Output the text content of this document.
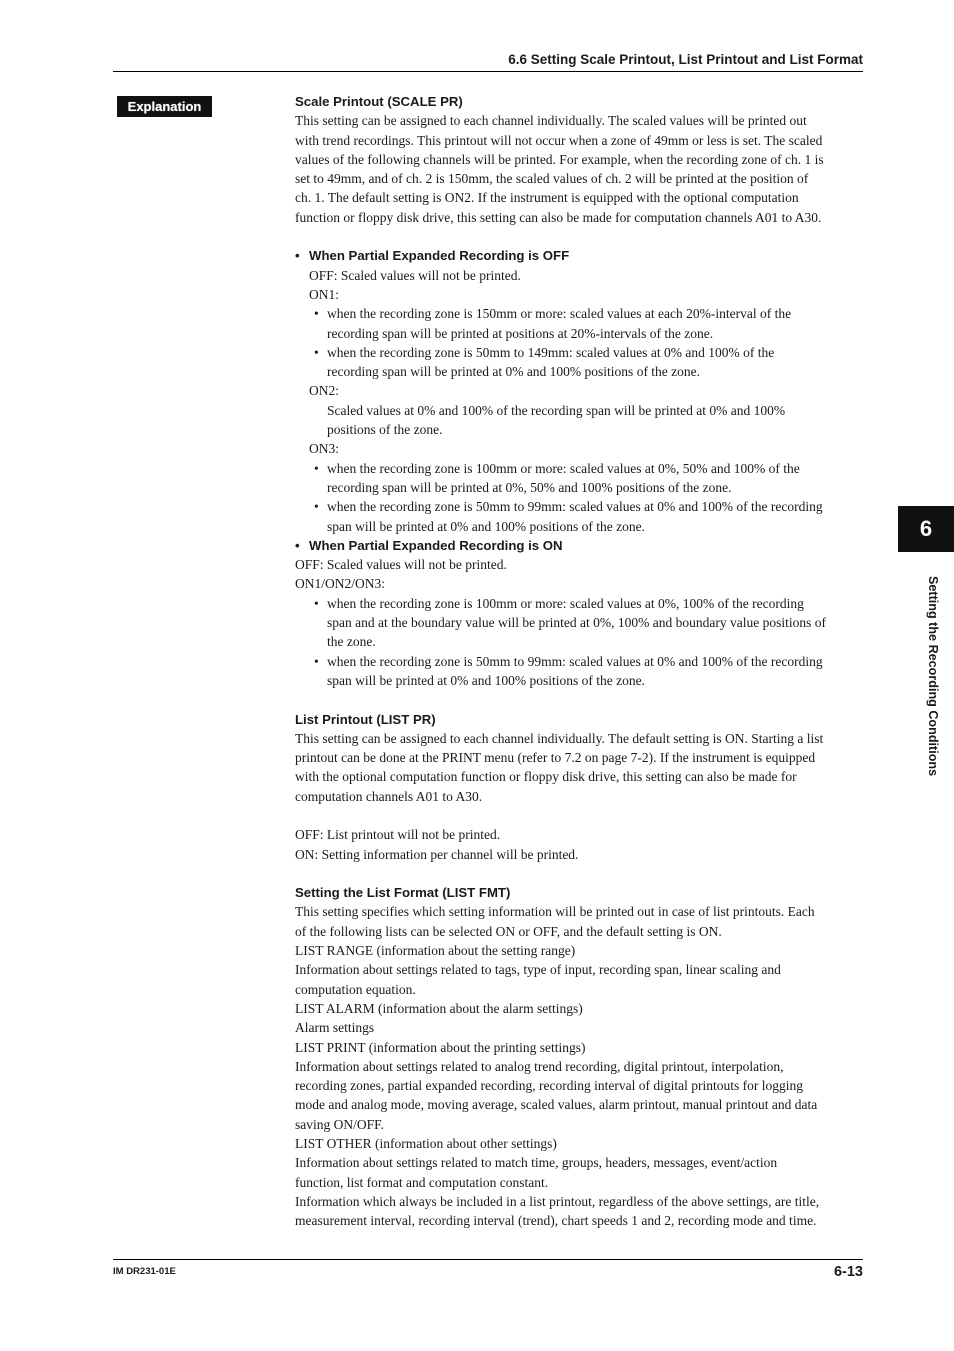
6.6 Setting Scale Printout, List Printout and List Format
Explanation	Scale Printout (SCALE PR)

This setting can be assigned to each channel individually. The scaled values will be printed out

with trend recordings. This printout will not occur when a zone of 49mm or less is set. The scaled

values of the following channels will be printed. For example, when the recording zone of ch. 1 is

set to 49mm, and of ch. 2 is 150mm, the scaled values of ch. 2 will be printed at the position of

ch. 1. The default setting is ON2. If the instrument is equipped with the optional computation

function or floppy disk drive, this setting can also be made for computation channels A01 to A30.

• When Partial Expanded Recording is OFF

OFF: Scaled values will not be printed.

ON1:

• when the recording zone is 150mm or more: scaled values at each 20%-interval of the

recording span will be printed at positions at 20%-intervals of the zone.

• when the recording zone is 50mm to 149mm: scaled values at 0% and 100% of the

recording span will be printed at 0% and 100% positions of the zone.

ON2:

Scaled values at 0% and 100% of the recording span will be printed at 0% and 100%

positions of the zone.

ON3:

• when the recording zone is 100mm or more: scaled values at 0%, 50% and 100% of the

recording span will be printed at 0%, 50% and 100% positions of the zone.

• when the recording zone is 50mm to 99mm: scaled values at 0% and 100% of the recording

span will be printed at 0% and 100% positions of the zone.

• When Partial Expanded Recording is ON

OFF: Scaled values will not be printed.

ON1/ON2/ON3:

• when the recording zone is 100mm or more: scaled values at 0%, 100% of the recording

span and at the boundary value will be printed at 0%, 100% and boundary value positions of

the zone.

• when the recording zone is 50mm to 99mm: scaled values at 0% and 100% of the recording

span will be printed at 0% and 100% positions of the zone.

List Printout (LIST PR)

This setting can be assigned to each channel individually. The default setting is ON. Starting a list

printout can be done at the PRINT menu (refer to 7.2 on page 7-2). If the instrument is equipped

with the optional computation function or floppy disk drive, this setting can also be made for

computation channels A01 to A30.

OFF: List printout will not be printed.

ON: Setting information per channel will be printed.

Setting the List Format (LIST FMT)

This setting specifies which setting information will be printed out in case of list printouts. Each

of the following lists can be selected ON or OFF, and the default setting is ON.

LIST RANGE (information about the setting range)

Information about settings related to tags, type of input, recording span, linear scaling and

computation equation.

LIST ALARM (information about the alarm settings)

Alarm settings

LIST PRINT (information about the printing settings)

Information about settings related to analog trend recording, digital printout, interpolation,

recording zones, partial expanded recording, recording interval of digital printouts for logging

mode and analog mode, moving average, scaled values, alarm printout, manual printout and data

saving ON/OFF.

LIST OTHER (information about other settings)

Information about settings related to match time, groups, headers, messages, event/action

function, list format and computation constant.

Information which always be included in a list printout, regardless of the above settings, are title,

measurement interval, recording interval (trend), chart speeds 1 and 2, recording mode and time.

6
Setting the Recording Conditions
IM DR231-01E	6-13
